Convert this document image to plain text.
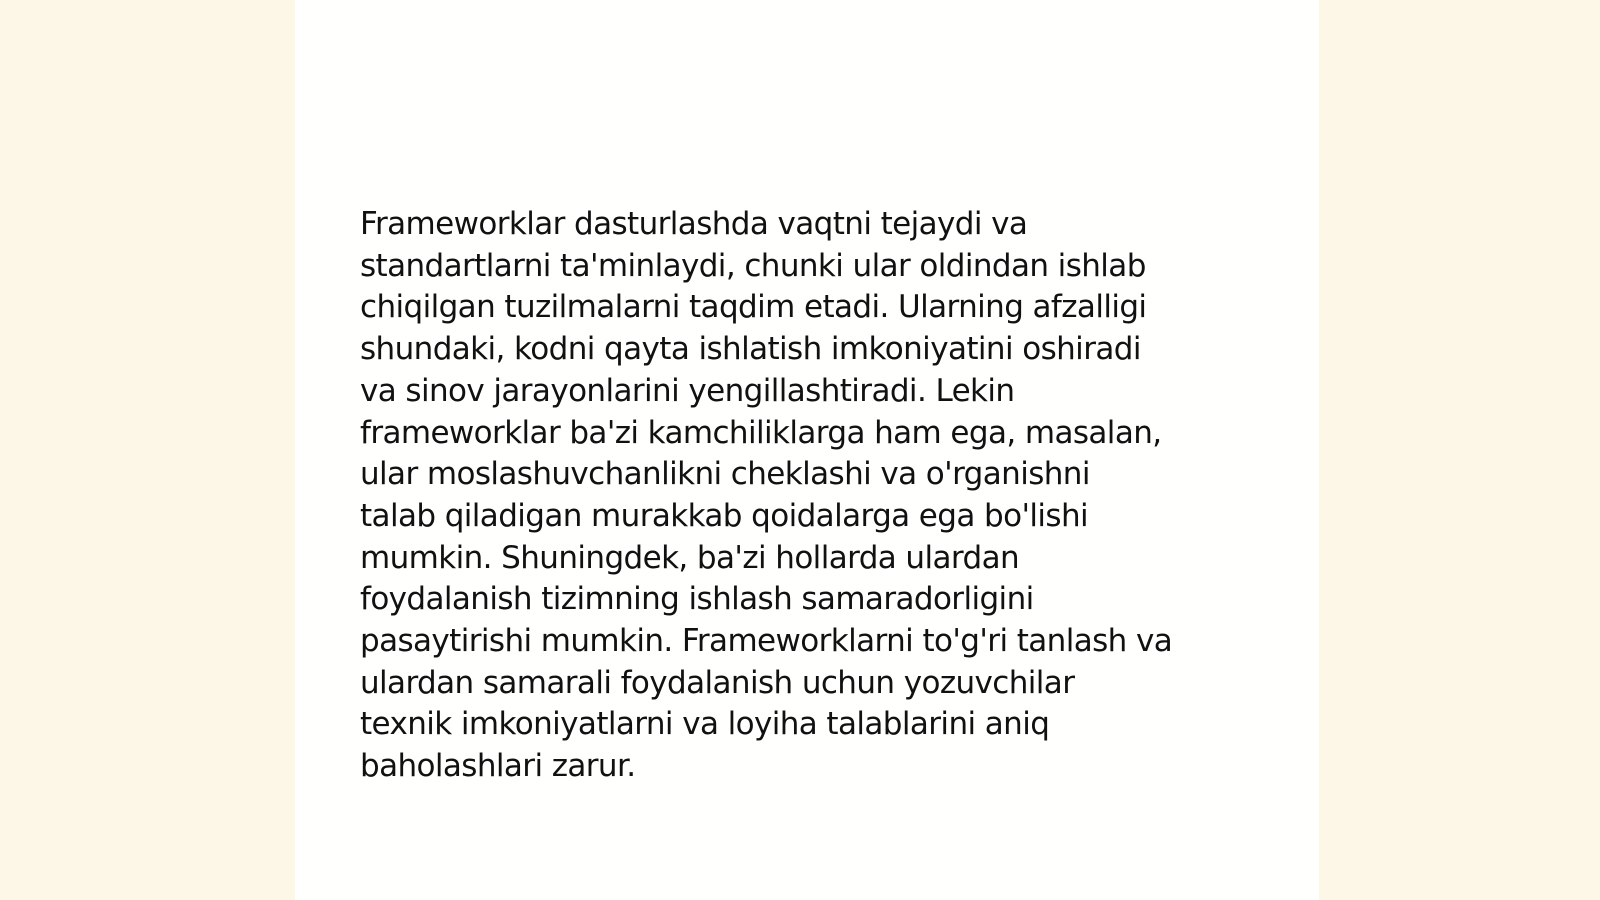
Frameworklar dasturlashda vaqtni tejaydi va
standartlarni ta'minlaydi, chunki ular oldindan ishlab
chiqilgan tuzilmalarni taqdim etadi. Ularning afzalligi
shundaki, kodni qayta ishlatish imkoniyatini oshiradi
va sinov jarayonlarini yengillashtiradi. Lekin
frameworklar ba'zi kamchiliklarga ham ega, masalan,
ular moslashuvchanlikni cheklashi va o'rganishni
talab qiladigan murakkab qoidalarga ega bo'lishi
mumkin. Shuningdek, ba'zi hollarda ulardan
foydalanish tizimning ishlash samaradorligini
pasaytirishi mumkin. Frameworklarni to'g'ri tanlash va
ulardan samarali foydalanish uchun yozuvchilar
texnik imkoniyatlarni va loyiha talablarini aniq
baholashlari zarur.
